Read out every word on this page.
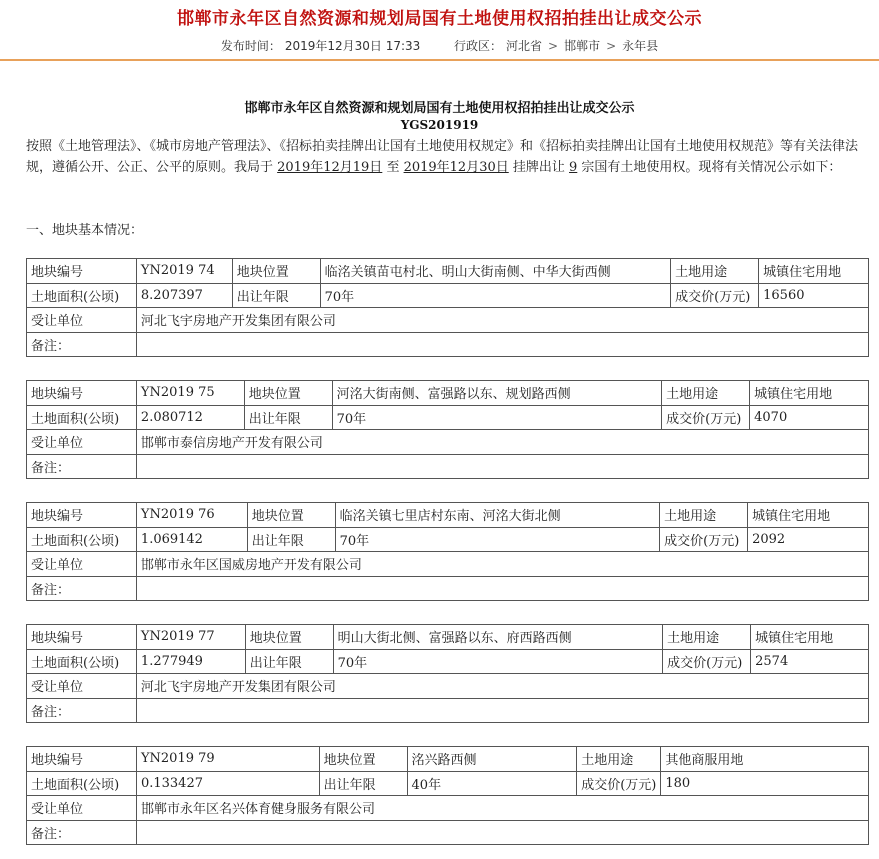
邯郸市永年区自然资源和规划局国有土地使用权招拍挂出让成交公示
发布时间： 2019年12月30日 17:33	行政区： 河北省 > 邯郸市 > 永年县
邯郸市永年区自然资源和规划局国有土地使用权招拍挂出让成交公示
YGS201919
按照《土地管理法》、《城市房地产管理法》、《招标拍卖挂牌出让国有土地使用权规定》和《招标拍卖挂牌出让国有土地使用权规范》等有关法律法规，遵循公开、公正、公平的原则。我局于 2019年12月19日 至 2019年12月30日 挂牌出让 9 宗国有土地使用权。现将有关情况公示如下：
一、地块基本情况：
地块编号	YN2019 74	地块位置	临洺关镇苗屯村北、明山大街南侧、中华大街西侧	土地用途	城镇住宅用地
土地面积(公顷)	8.207397	出让年限	70年	成交价(万元)	16560
受让单位	河北飞宇房地产开发集团有限公司				
备注：					
地块编号	YN2019 75	地块位置	河洺大街南侧、富强路以东、规划路西侧	土地用途	城镇住宅用地
土地面积(公顷)	2.080712	出让年限	70年	成交价(万元)	4070
受让单位	邯郸市泰信房地产开发有限公司				
备注：					
地块编号	YN2019 76	地块位置	临洺关镇七里店村东南、河洺大街北侧	土地用途	城镇住宅用地
土地面积(公顷)	1.069142	出让年限	70年	成交价(万元)	2092
受让单位	邯郸市永年区国威房地产开发有限公司				
备注：					
地块编号	YN2019 77	地块位置	明山大街北侧、富强路以东、府西路西侧	土地用途	城镇住宅用地
土地面积(公顷)	1.277949	出让年限	70年	成交价(万元)	2574
受让单位	河北飞宇房地产开发集团有限公司				
备注：					
地块编号	YN2019 79	地块位置	洺兴路西侧	土地用途	其他商服用地
土地面积(公顷)	0.133427	出让年限	40年	成交价(万元)	180
受让单位	邯郸市永年区名兴体育健身服务有限公司				
备注：					
